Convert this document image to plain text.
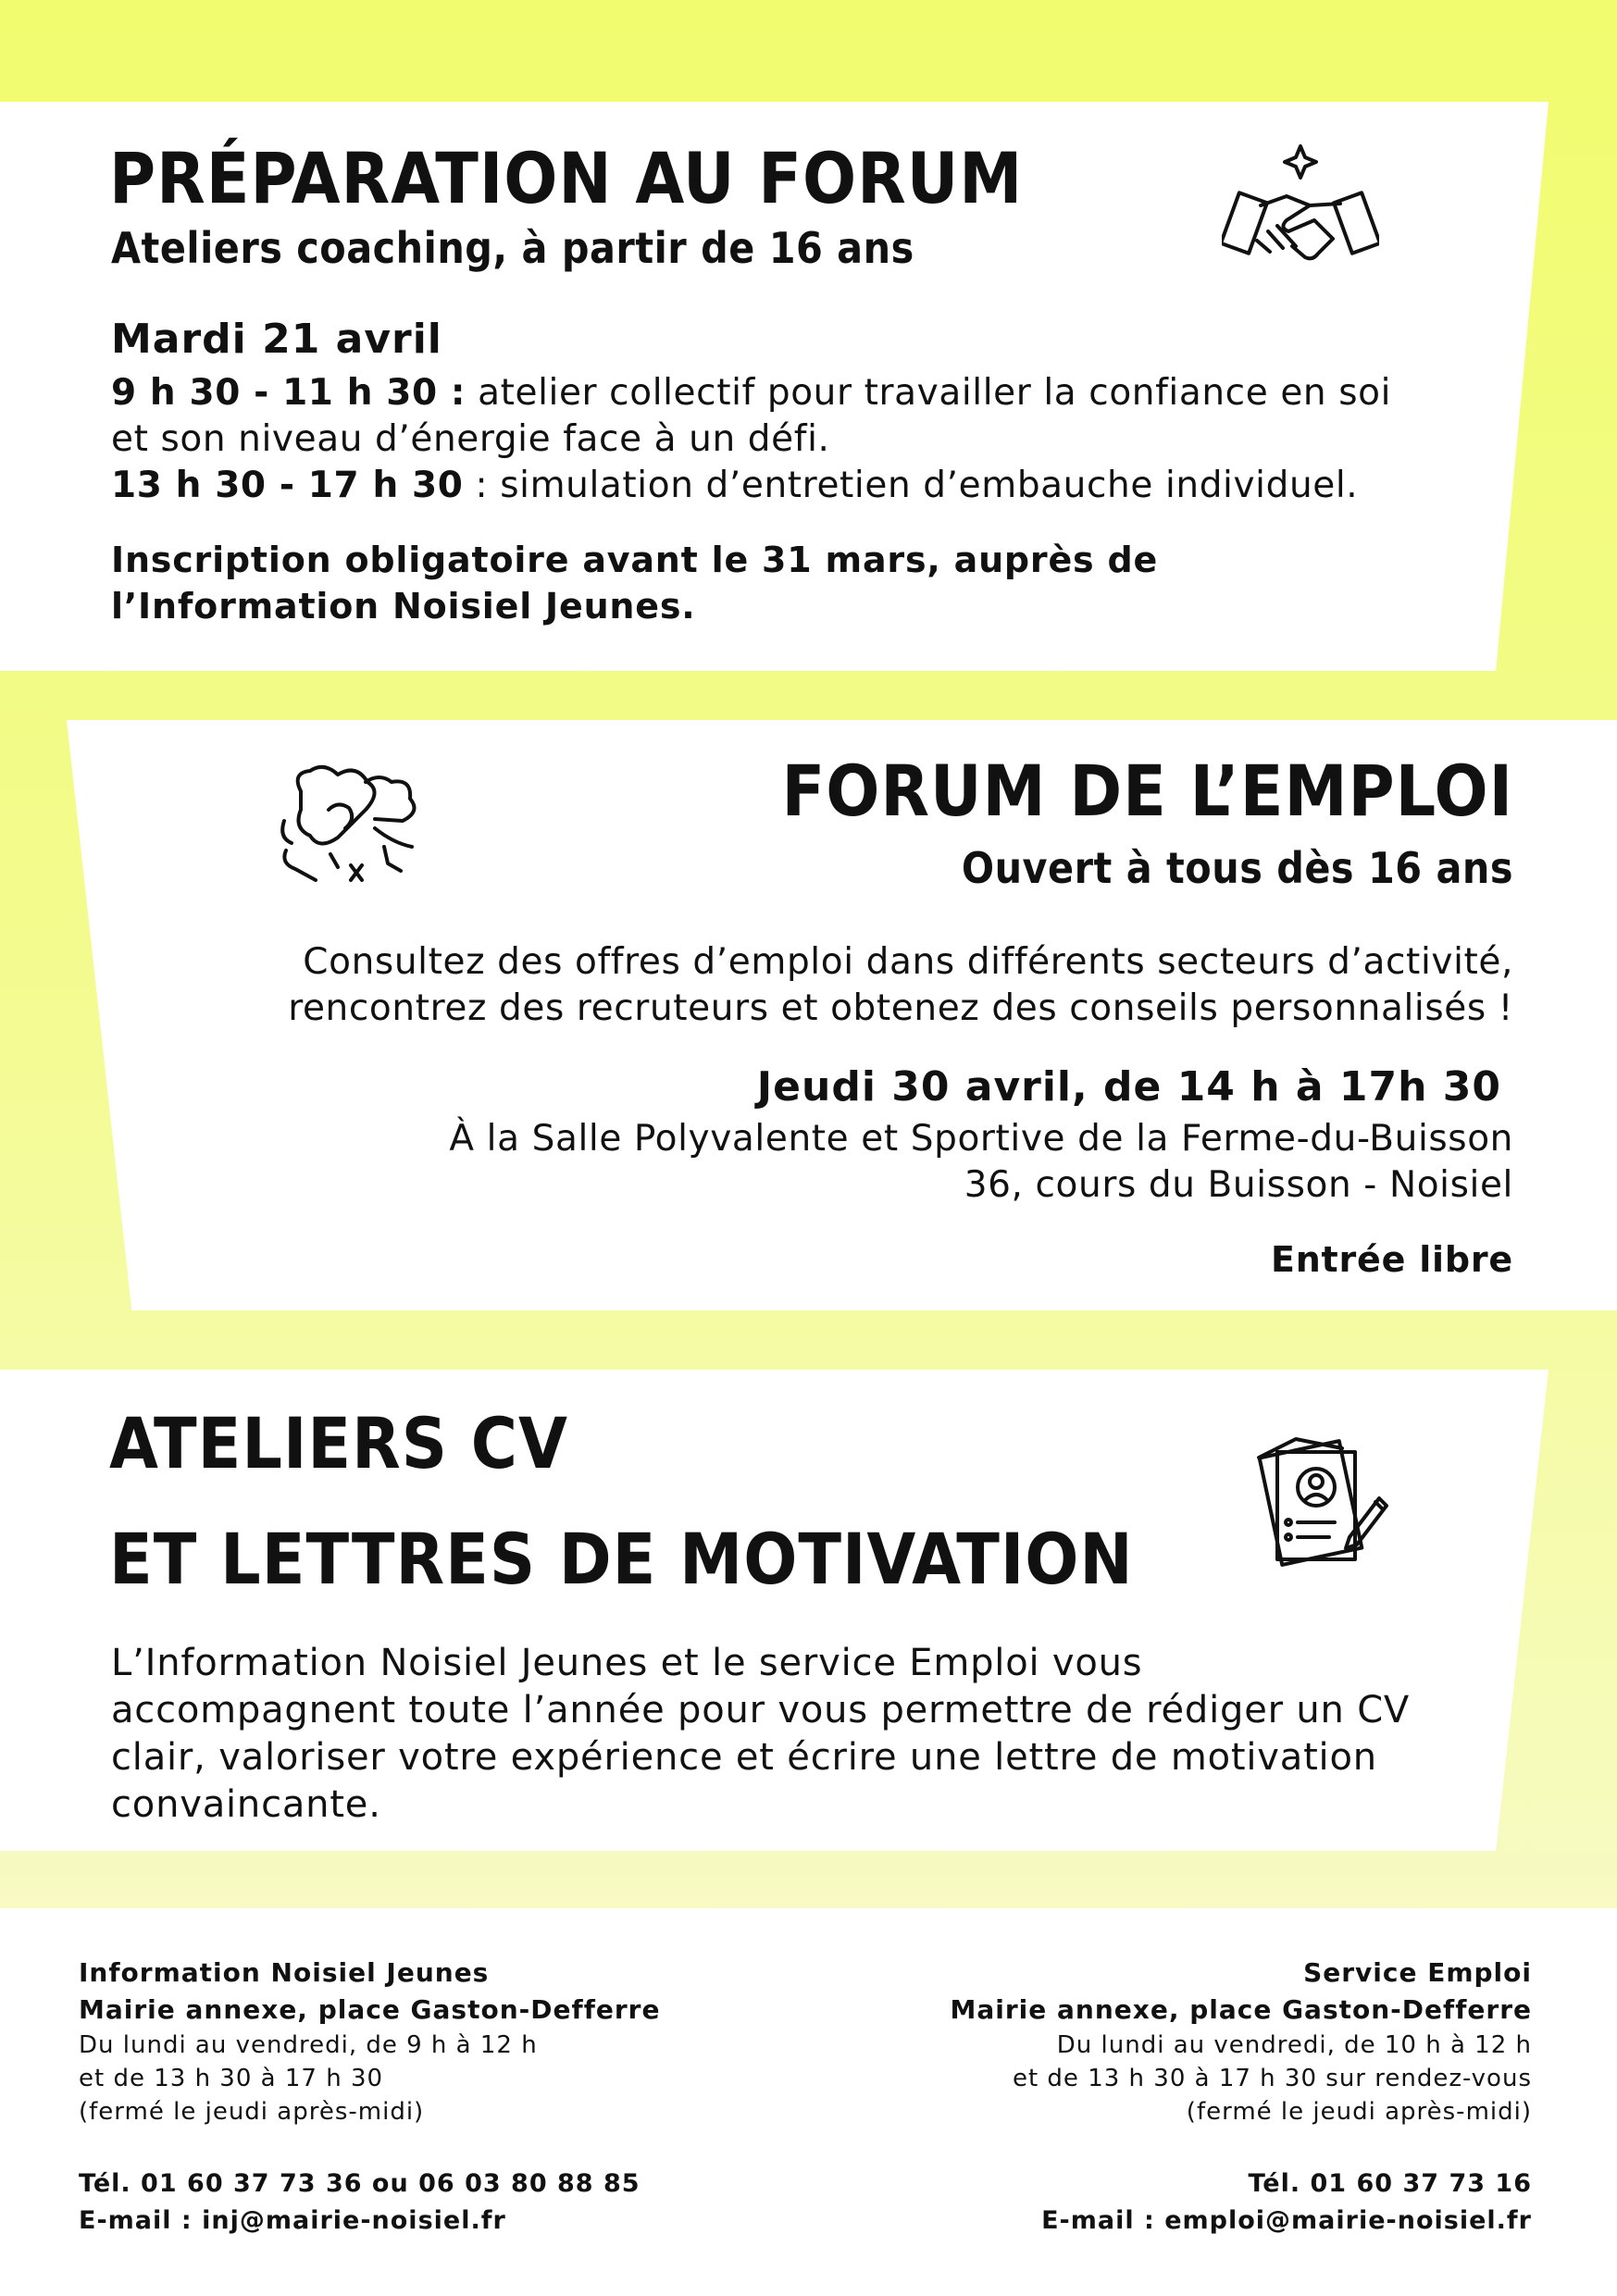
PRÉPARATION AU FORUM
Ateliers coaching, à partir de 16 ans

Mardi 21 avril

9 h 30 - 11 h 30 : atelier collectif pour travailler la confiance en soi

et son niveau d’énergie face à un défi.

13 h 30 - 17 h 30 : simulation d’entretien d’embauche individuel.

Inscription obligatoire avant le 31 mars, auprès de

l’Information Noisiel Jeunes.

FORUM DE L’EMPLOI
Ouvert à tous dès 16 ans

Consultez des offres d’emploi dans différents secteurs d’activité,

rencontrez des recruteurs et obtenez des conseils personnalisés !

Jeudi 30 avril, de 14 h à 17h 30

À la Salle Polyvalente et Sportive de la Ferme-du-Buisson

36, cours du Buisson - Noisiel

Entrée libre

ATELIERS CV
ET LETTRES DE MOTIVATION

L’Information Noisiel Jeunes et le service Emploi vous

accompagnent toute l’année pour vous permettre de rédiger un CV

clair, valoriser votre expérience et écrire une lettre de motivation

convaincante.

Information Noisiel Jeunes

Mairie annexe, place Gaston-Defferre

Du lundi au vendredi, de 9 h à 12 h

et de 13 h 30 à 17 h 30

(fermé le jeudi après-midi)

Tél. 01 60 37 73 36 ou 06 03 80 88 85

E-mail : inj@mairie-noisiel.fr

Service Emploi

Mairie annexe, place Gaston-Defferre

Du lundi au vendredi, de 10 h à 12 h

et de 13 h 30 à 17 h 30 sur rendez-vous

(fermé le jeudi après-midi)

Tél. 01 60 37 73 16

E-mail : emploi@mairie-noisiel.fr
